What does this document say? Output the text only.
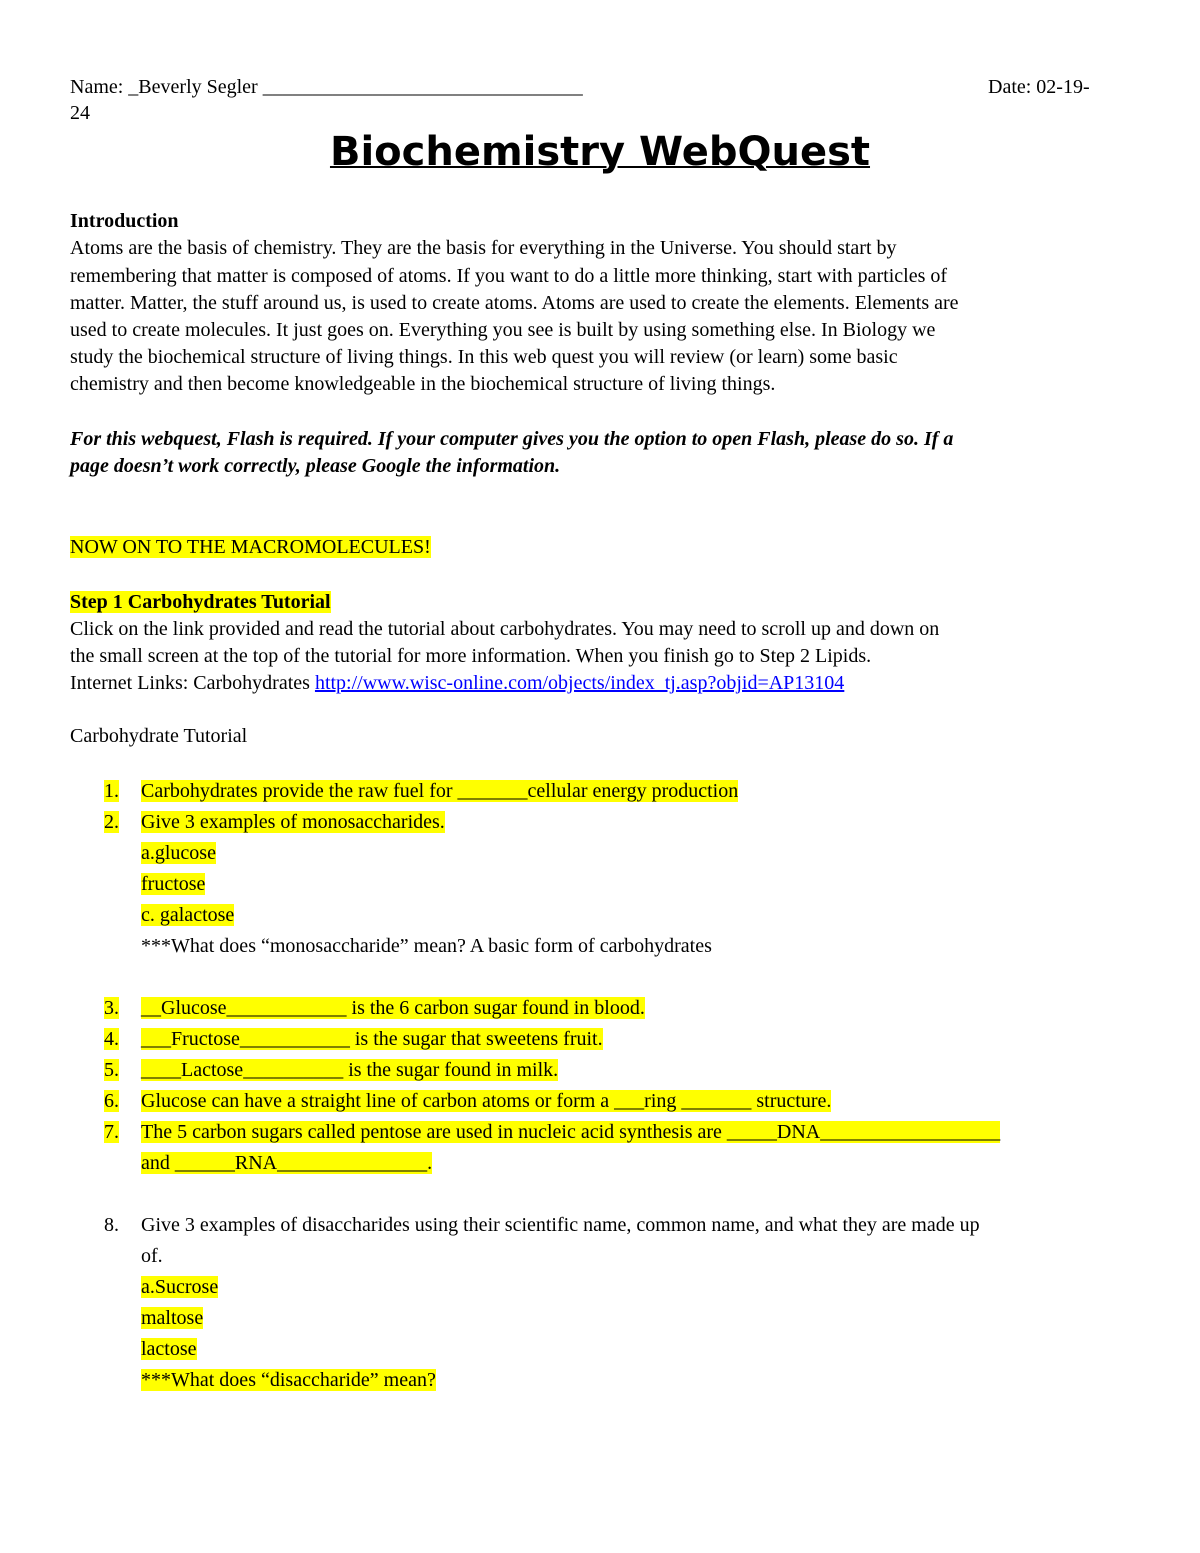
Name: _Beverly Segler ________________________________	Date: 02-19-
24
Biochemistry WebQuest
Introduction
Atoms are the basis of chemistry. They are the basis for everything in the Universe. You should start by
remembering that matter is composed of atoms. If you want to do a little more thinking, start with particles of
matter. Matter, the stuff around us, is used to create atoms. Atoms are used to create the elements. Elements are
used to create molecules. It just goes on. Everything you see is built by using something else. In Biology we
study the biochemical structure of living things. In this web quest you will review (or learn) some basic
chemistry and then become knowledgeable in the biochemical structure of living things.
For this webquest, Flash is required. If your computer gives you the option to open Flash, please do so. If a
page doesn’t work correctly, please Google the information.
NOW ON TO THE MACROMOLECULES!
Step 1 Carbohydrates Tutorial
Click on the link provided and read the tutorial about carbohydrates. You may need to scroll up and down on
the small screen at the top of the tutorial for more information. When you finish go to Step 2 Lipids.
Internet Links: Carbohydrates http://www.wisc-online.com/objects/index_tj.asp?objid=AP13104
Carbohydrate Tutorial
1. Carbohydrates provide the raw fuel for _______cellular energy production
2. Give 3 examples of monosaccharides.
a.glucose
fructose
c. galactose
***What does “monosaccharide” mean? A basic form of carbohydrates
3. __Glucose____________ is the 6 carbon sugar found in blood.
4. ___Fructose___________ is the sugar that sweetens fruit.
5. ____Lactose__________ is the sugar found in milk.
6. Glucose can have a straight line of carbon atoms or form a ___ring _______ structure.
7. The 5 carbon sugars called pentose are used in nucleic acid synthesis are _____DNA__________________
and ______RNA_______________.
8. Give 3 examples of disaccharides using their scientific name, common name, and what they are made up
of.
a.Sucrose
maltose
lactose
***What does “disaccharide” mean?
